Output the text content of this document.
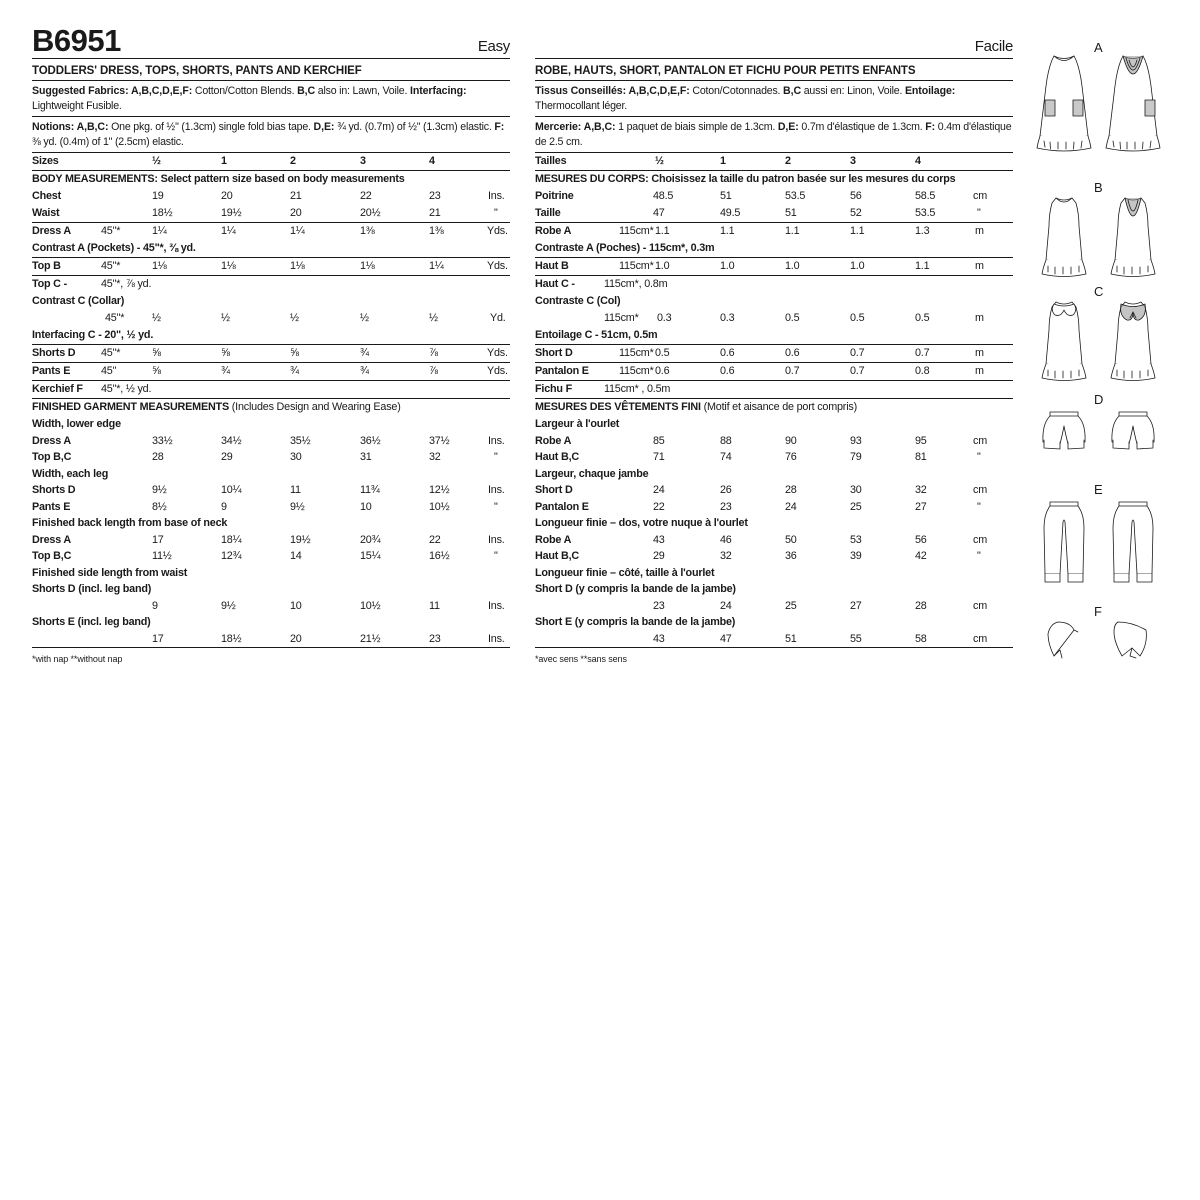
B6951	Easy
TODDLERS' DRESS, TOPS, SHORTS, PANTS AND KERCHIEF
Suggested Fabrics: A,B,C,D,E,F: Cotton/Cotton Blends. B,C also in: Lawn, Voile. Interfacing: Lightweight Fusible.
Notions: A,B,C: One pkg. of ½" (1.3cm) single fold bias tape. D,E: ¾ yd. (0.7m) of ½" (1.3cm) elastic. F: ⅜ yd. (0.4m) of 1" (2.5cm) elastic.
Sizes	½	1	2	3	4
BODY MEASUREMENTS: Select pattern size based on body measurements
Chest	19	20	21	22	23	Ins.
Waist	18½	19½	20	20½	21	"
Dress A	45"*	1¼	1¼	1¼	1⅜	1⅜	Yds.
Contrast A (Pockets) - 45"*, ⅜ yd.
Top B	45"*	1⅛	1⅛	1⅛	1⅛	1¼	Yds.
Top C -	45"*, ⅞ yd.
Contrast C (Collar)
45"*	½	½	½	½	½	Yd.
Interfacing C - 20", ½ yd.
Shorts D 45"*	⅝	⅝	⅝	¾	⅞	Yds.
Pants E	45"	⅝	¾	¾	¾	⅞	Yds.
Kerchief F 45"*, ½ yd.
FINISHED GARMENT MEASUREMENTS (Includes Design and Wearing Ease)
Width, lower edge
Dress A	33½	34½	35½	36½	37½	Ins.
Top B,C	28	29	30	31	32	"
Width, each leg
Shorts D	9½	10¼	11	11¾	12½	Ins.
Pants E	8½	9	9½	10	10½	"
Finished back length from base of neck
Dress A	17	18¼	19½	20¾	22	Ins.
Top B,C	11½	12¾	14	15¼	16½	"
Finished side length from waist
Shorts D (incl. leg band)
9	9½	10	10½	11	Ins.
Shorts E (incl. leg band)
17	18½	20	21½	23	Ins.
*with nap **without nap
Facile
ROBE, HAUTS, SHORT, PANTALON ET FICHU POUR PETITS ENFANTS
Tissus Conseillés: A,B,C,D,E,F: Coton/Cotonnades. B,C aussi en: Linon, Voile. Entoilage: Thermocollant léger.
Mercerie: A,B,C: 1 paquet de biais simple de 1.3cm. D,E: 0.7m d'élastique de 1.3cm. F: 0.4m d'élastique de 2.5 cm.
Tailles	½	1	2	3	4
MESURES DU CORPS: Choisissez la taille du patron basée sur les mesures du corps
Poitrine	48.5	51	53.5	56	58.5	cm
Taille	47	49.5	51	52	53.5	"
Robe A	115cm* 1.1	1.1	1.1	1.1	1.3	m
Contraste A (Poches) - 115cm*, 0.3m
Haut B	115cm* 1.0	1.0	1.0	1.0	1.1	m
Haut C -	115cm*, 0.8m
Contraste C (Col)
115cm* 0.3	0.3	0.5	0.5	0.5	m
Entoilage C - 51cm, 0.5m
Short D	115cm* 0.5	0.6	0.6	0.7	0.7	m
Pantalon E	115cm* 0.6	0.6	0.7	0.7	0.8	m
Fichu F	115cm* , 0.5m
MESURES DES VÊTEMENTS FINI (Motif et aisance de port compris)
Largeur à l'ourlet
Robe A	85	88	90	93	95	cm
Haut B,C	71	74	76	79	81	"
Largeur, chaque jambe
Short D	24	26	28	30	32	cm
Pantalon E	22	23	24	25	27	"
Longueur finie – dos, votre nuque à l'ourlet
Robe A	43	46	50	53	56	cm
Haut B,C	29	32	36	39	42	"
Longueur finie – côté, taille à l'ourlet
Short D (y compris la bande de la jambe)
23	24	25	27	28	cm
Short E (y compris la bande de la jambe)
43	47	51	55	58	cm
*avec sens **sans sens
A
B
C
D
E
F
